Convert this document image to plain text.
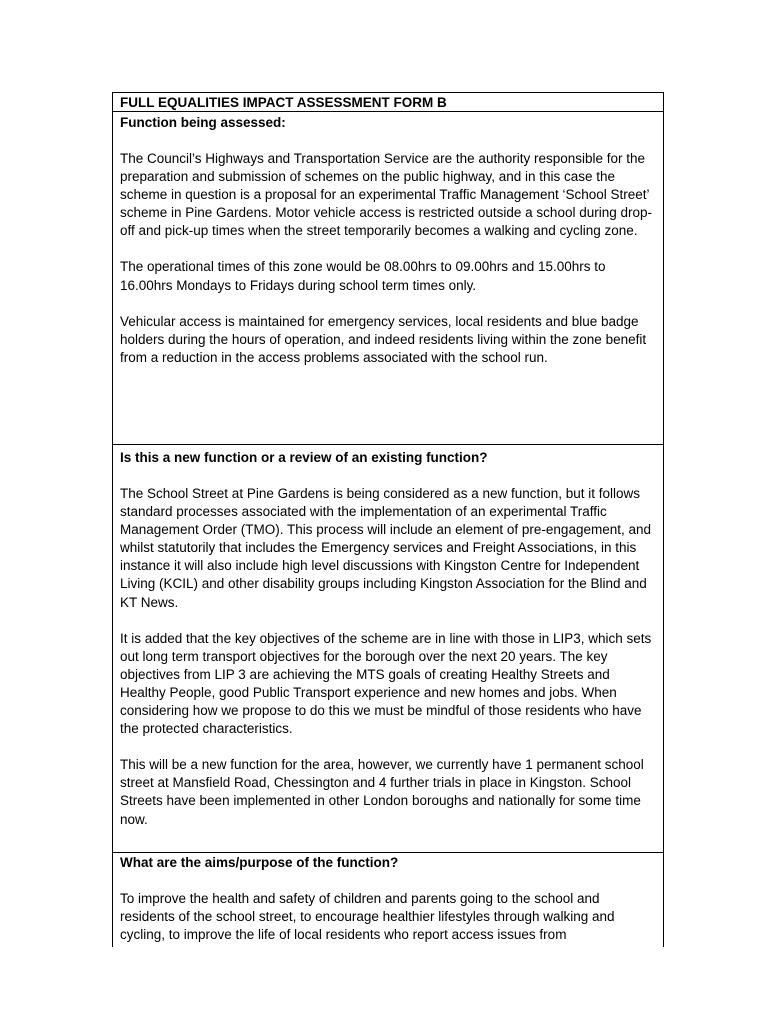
FULL EQUALITIES IMPACT ASSESSMENT FORM B

Function being assessed:

The Council’s Highways and Transportation Service are the authority responsible for the preparation and submission of schemes on the public highway, and in this case the scheme in question is a proposal for an experimental Traffic Management ‘School Street’ scheme in Pine Gardens. Motor vehicle access is restricted outside a school during drop-off and pick-up times when the street temporarily becomes a walking and cycling zone.

The operational times of this zone would be 08.00hrs to 09.00hrs and 15.00hrs to 16.00hrs Mondays to Fridays during school term times only.

Vehicular access is maintained for emergency services, local residents and blue badge holders during the hours of operation, and indeed residents living within the zone benefit from a reduction in the access problems associated with the school run.

Is this a new function or a review of an existing function?

The School Street at Pine Gardens is being considered as a new function, but it follows standard processes associated with the implementation of an experimental Traffic Management Order (TMO). This process will include an element of pre-engagement, and whilst statutorily that includes the Emergency services and Freight Associations, in this instance it will also include high level discussions with Kingston Centre for Independent Living (KCIL) and other disability groups including Kingston Association for the Blind and KT News.

It is added that the key objectives of the scheme are in line with those in LIP3, which sets out long term transport objectives for the borough over the next 20 years. The key objectives from LIP 3 are achieving the MTS goals of creating Healthy Streets and Healthy People, good Public Transport experience and new homes and jobs. When considering how we propose to do this we must be mindful of those residents who have the protected characteristics.

This will be a new function for the area, however, we currently have 1 permanent school street at Mansfield Road, Chessington and 4 further trials in place in Kingston. School Streets have been implemented in other London boroughs and nationally for some time now.

What are the aims/purpose of the function?

To improve the health and safety of children and parents going to the school and residents of the school street, to encourage healthier lifestyles through walking and cycling, to improve the life of local residents who report access issues from
